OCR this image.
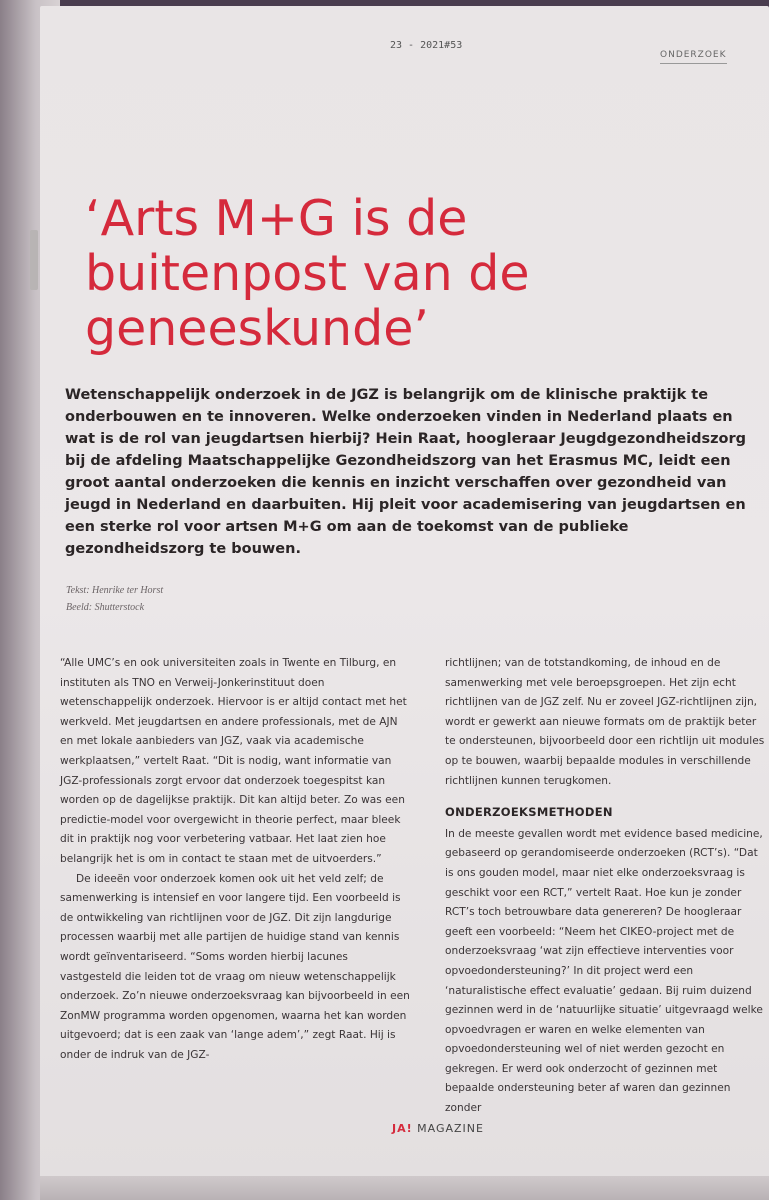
23 - 2021#53
ONDERZOEK
‘Arts M+G is de buitenpost van de geneeskunde’

Wetenschappelijk onderzoek in de JGZ is belangrijk om de klinische praktijk te onderbouwen en te innoveren. Welke onderzoeken vinden in Nederland plaats en wat is de rol van jeugdartsen hierbij? Hein Raat, hoogleraar Jeugdgezondheidszorg bij de afdeling Maatschappelijke Gezondheidszorg van het Erasmus MC, leidt een groot aantal onderzoeken die kennis en inzicht verschaffen over gezondheid van jeugd in Nederland en daarbuiten. Hij pleit voor academisering van jeugdartsen en een sterke rol voor artsen M+G om aan de toekomst van de publieke gezondheidszorg te bouwen.

Tekst: Henrike ter Horst
Beeld: Shutterstock

“Alle UMC’s en ook universiteiten zoals in Twente en Tilburg, en instituten als TNO en Verweij-Jonkerinstituut doen wetenschappelijk onderzoek. Hiervoor is er altijd contact met het werkveld. Met jeugdartsen en andere professionals, met de AJN en met lokale aanbieders van JGZ, vaak via academische werkplaatsen,” vertelt Raat. “Dit is nodig, want informatie van JGZ-professionals zorgt ervoor dat onderzoek toegespitst kan worden op de dagelijkse praktijk. Dit kan altijd beter. Zo was een predictie-model voor overgewicht in theorie perfect, maar bleek dit in praktijk nog voor verbetering vatbaar. Het laat zien hoe belangrijk het is om in contact te staan met de uitvoerders.”

De ideeën voor onderzoek komen ook uit het veld zelf; de samenwerking is intensief en voor langere tijd. Een voorbeeld is de ontwikkeling van richtlijnen voor de JGZ. Dit zijn langdurige processen waarbij met alle partijen de huidige stand van kennis wordt geïnventariseerd. “Soms worden hierbij lacunes vastgesteld die leiden tot de vraag om nieuw wetenschappelijk onderzoek. Zo’n nieuwe onderzoeksvraag kan bijvoorbeeld in een ZonMW programma worden opgenomen, waarna het kan worden uitgevoerd; dat is een zaak van ‘lange adem’,” zegt Raat. Hij is onder de indruk van de JGZ-

richtlijnen; van de totstandkoming, de inhoud en de samenwerking met vele beroepsgroepen. Het zijn echt richtlijnen van de JGZ zelf. Nu er zoveel JGZ-richtlijnen zijn, wordt er gewerkt aan nieuwe formats om de praktijk beter te ondersteunen, bijvoorbeeld door een richtlijn uit modules op te bouwen, waarbij bepaalde modules in verschillende richtlijnen kunnen terugkomen.

ONDERZOEKSMETHODEN

In de meeste gevallen wordt met evidence based medicine, gebaseerd op gerandomiseerde onderzoeken (RCT’s). “Dat is ons gouden model, maar niet elke onderzoeksvraag is geschikt voor een RCT,” vertelt Raat. Hoe kun je zonder RCT’s toch betrouwbare data genereren? De hoogleraar geeft een voorbeeld: “Neem het CIKEO-project met de onderzoeksvraag ‘wat zijn effectieve interventies voor opvoedondersteuning?’ In dit project werd een ‘naturalistische effect evaluatie’ gedaan. Bij ruim duizend gezinnen werd in de ‘natuurlijke situatie’ uitgevraagd welke opvoedvragen er waren en welke elementen van opvoedondersteuning wel of niet werden gezocht en gekregen. Er werd ook onderzocht of gezinnen met bepaalde ondersteuning beter af waren dan gezinnen zonder

JA! MAGAZINE
